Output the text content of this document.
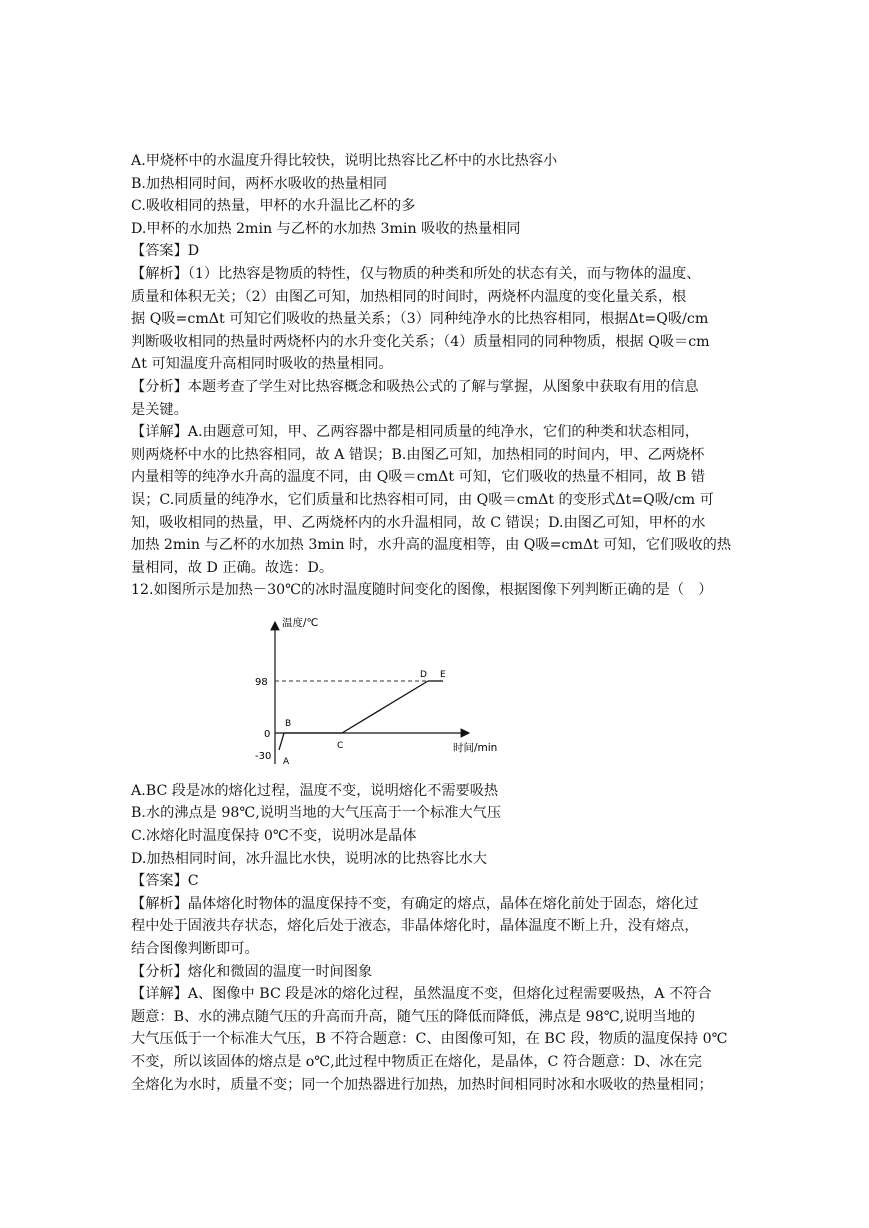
A.甲烧杯中的水温度升得比较快，说明比热容比乙杯中的水比热容小
B.加热相同时间，两杯水吸收的热量相同
C.吸收相同的热量，甲杯的水升温比乙杯的多
D.甲杯的水加热 2min 与乙杯的水加热 3min 吸收的热量相同
【答案】D
【解析】（1）比热容是物质的特性，仅与物质的种类和所处的状态有关，而与物体的温度、
质量和体积无关；（2）由图乙可知，加热相同的时间时，两烧杯内温度的变化量关系，根
据 Q吸=cmΔt 可知它们吸收的热量关系；（3）同种纯净水的比热容相同，根据Δt=Q吸/cm
判断吸收相同的热量时两烧杯内的水升变化关系；（4）质量相同的同种物质，根据 Q吸＝cm
Δt 可知温度升高相同时吸收的热量相同。
【分析】本题考查了学生对比热容概念和吸热公式的了解与掌握，从图象中获取有用的信息
是关键。
【详解】A.由题意可知，甲、乙两容器中都是相同质量的纯净水，它们的种类和状态相同，
则两烧杯中水的比热容相同，故 A 错误；B.由图乙可知，加热相同的时间内，甲、乙两烧杯
内量相等的纯净水升高的温度不同，由 Q吸＝cmΔt 可知，它们吸收的热量不相同，故 B 错
误；C.同质量的纯净水，它们质量和比热容相可同，由 Q吸＝cmΔt 的变形式Δt=Q吸/cm 可
知，吸收相同的热量，甲、乙两烧杯内的水升温相同，故 C 错误；D.由图乙可知，甲杯的水
加热 2min 与乙杯的水加热 3min 时，水升高的温度相等，由 Q吸=cmΔt 可知，它们吸收的热
量相同，故 D 正确。故选：D。
12.如图所示是加热－30℃的冰时温度随时间变化的图像，根据图像下列判断正确的是（　）
温度/℃
时间/min
98
0
-30 A
B
C
D E
A.BC 段是冰的熔化过程，温度不变，说明熔化不需要吸热
B.水的沸点是 98℃,说明当地的大气压高于一个标准大气压
C.冰熔化时温度保持 0℃不变，说明冰是晶体
D.加热相同时间，冰升温比水快，说明冰的比热容比水大
【答案】C
【解析】晶体熔化时物体的温度保持不变，有确定的熔点，晶体在熔化前处于固态，熔化过
程中处于固液共存状态，熔化后处于液态，非晶体熔化时，晶体温度不断上升，没有熔点，
结合图像判断即可。
【分析】熔化和微固的温度一时间图象
【详解】A、图像中 BC 段是冰的熔化过程，虽然温度不变，但熔化过程需要吸热，A 不符合
题意：B、水的沸点随气压的升高而升高，随气压的降低而降低，沸点是 98℃,说明当地的
大气压低于一个标准大气压，B 不符合题意：C、由图像可知，在 BC 段，物质的温度保持 0℃
不变，所以该固体的熔点是 o℃,此过程中物质正在熔化，是晶体，C 符合题意：D、冰在完
全熔化为水时，质量不变；同一个加热器进行加热，加热时间相同时冰和水吸收的热量相同；
